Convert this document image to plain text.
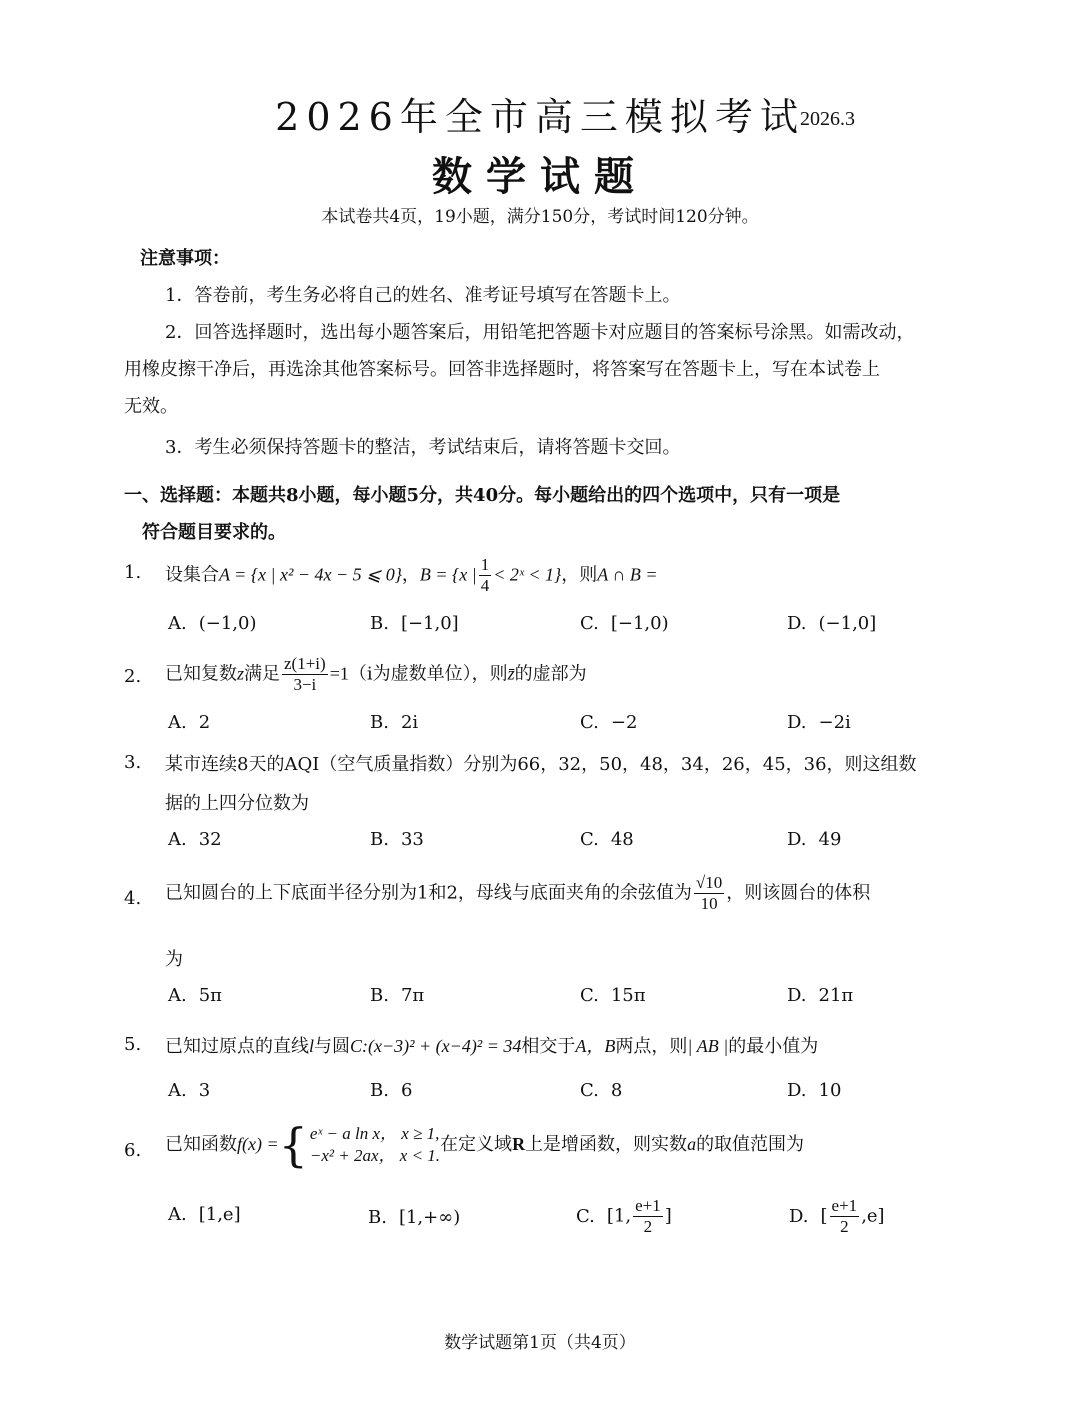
2026年全市高三模拟考试
2026.3
数学试题
本试卷共4页，19小题，满分150分，考试时间120分钟。
注意事项：
1．答卷前，考生务必将自己的姓名、准考证号填写在答题卡上。
2．回答选择题时，选出每小题答案后，用铅笔把答题卡对应题目的答案标号涂黑。如需改动，
用橡皮擦干净后，再选涂其他答案标号。回答非选择题时，将答案写在答题卡上，写在本试卷上
无效。
3．考生必须保持答题卡的整洁，考试结束后，请将答题卡交回。
一、选择题：本题共8小题，每小题5分，共40分。每小题给出的四个选项中，只有一项是
符合题目要求的。
1. 设集合A = {x | x² − 4x − 5 ⩽ 0}，B = {x | $\frac{1}{4}$ < 2ˣ < 1}，则A ∩ B =
A. (−1,0)	B. [−1,0]	C. [−1,0)	D. (−1,0]
2. 已知复数z满足 $\frac{z(1+i)}{3-i} =1(i$为虚数单位），则z̄的虚部为
A. 2	B. 2i	C. −2	D. −2i
3. 某市连续8天的AQI（空气质量指数）分别为66，32，50，48，34，26，45，36，则这组数
据的上四分位数为
A. 32	B. 33	C. 48	D. 49
4. 已知圆台的上下底面半径分别为1和2，母线与底面夹角的余弦值为 $\frac{√10}{10}$ ，则该圆台的体积
为
A. 5π	B. 7π	C. 15π	D. 21π
5. 已知过原点的直线l与圆C:(x−3)² + (x−4)² = 34相交于A，B两点，则| AB |的最小值为
A. 3	B. 6	C. 8	D. 10
6. 已知函数f(x) = { eˣ − a ln x， x ≥ 1,
−x² + 2ax， x < 1.
在定义域R上是增函数，则实数a的取值范围为
A. [1,e]	B. [1,+∞)	C. [1, $\frac{e+1}{2}$ ]	D. [ $\frac{e+1}{2} ,e$]
数学试题第1页（共4页）
